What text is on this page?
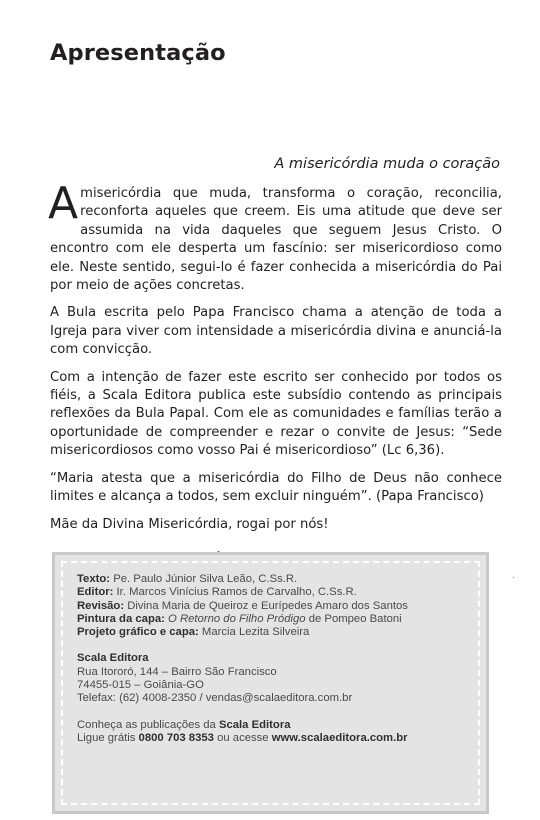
Apresentação
A misericórdia muda o coração

A misericórdia que muda, transforma o coração, reconcilia, reconforta aqueles que creem. Eis uma atitude que deve ser assumida na vida daqueles que seguem Jesus Cristo. O encontro com ele desperta um fascínio: ser misericordioso como ele. Neste sentido, segui-lo é fazer conhecida a misericórdia do Pai por meio de ações concretas.

A Bula escrita pelo Papa Francisco chama a atenção de toda a Igreja para viver com intensidade a misericórdia divina e anunciá-la com convicção.

Com a intenção de fazer este escrito ser conhecido por todos os fiéis, a Scala Editora publica este subsídio contendo as principais reflexões da Bula Papal. Com ele as comunidades e famílias terão a oportunidade de compreender e rezar o convite de Jesus: “Sede misericordiosos como vosso Pai é misericordioso” (Lc 6,36).

“Maria atesta que a misericórdia do Filho de Deus não conhece limites e alcança a todos, sem excluir ninguém”. (Papa Francisco)

Mãe da Divina Misericórdia, rogai por nós!

.
Texto: Pe. Paulo Júnior Silva Leão, C.Ss.R.
Editor: Ir. Marcos Vinícius Ramos de Carvalho, C.Ss.R.
Revisão: Divina Maria de Queiroz e Eurípedes Amaro dos Santos
Pintura da capa: O Retorno do Filho Pródigo de Pompeo Batoni
Projeto gráfico e capa: Marcia Lezita Silveira
Scala Editora
Rua Itororó, 144 – Bairro São Francisco
74455-015 – Goiânia-GO
Telefax: (62) 4008-2350 / vendas@scalaeditora.com.br
Conheça as publicações da Scala Editora
Ligue grátis 0800 703 8353 ou acesse www.scalaeditora.com.br
